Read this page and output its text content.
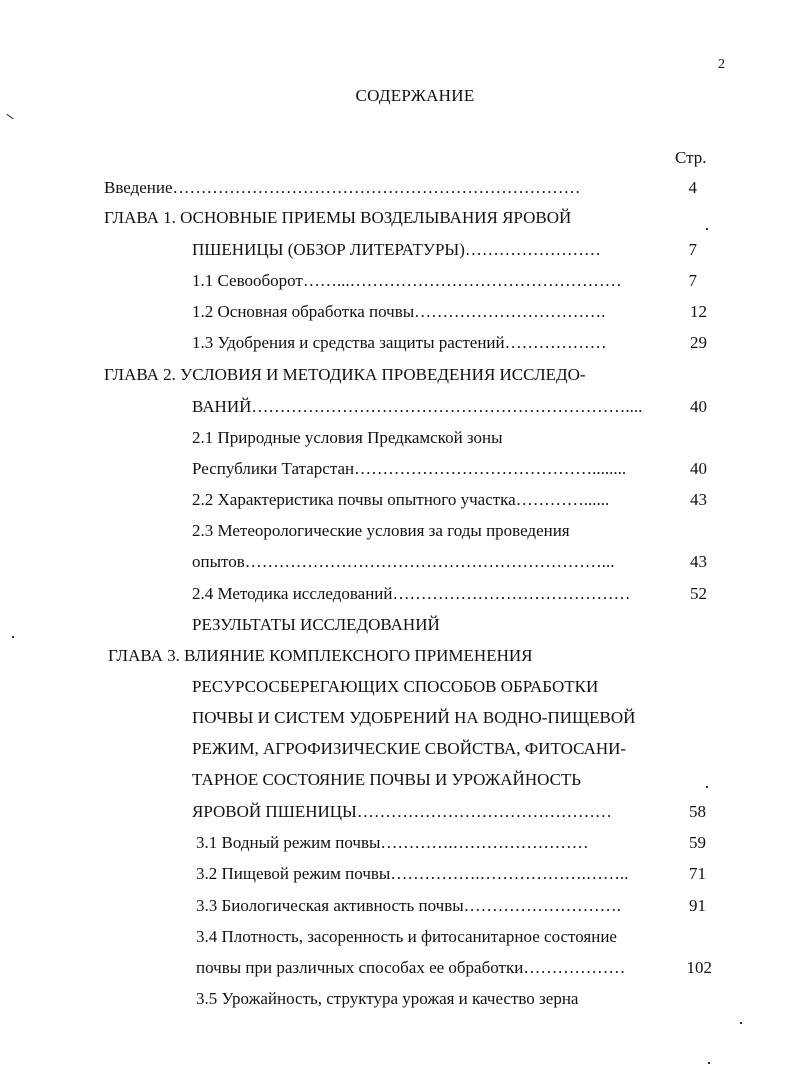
2
СОДЕРЖАНИЕ
Стр.
Введение………………………………………………………………	4
ГЛАВА 1. ОСНОВНЫЕ ПРИЕМЫ ВОЗДЕЛЫВАНИЯ ЯРОВОЙ
ПШЕНИЦЫ (ОБЗОР ЛИТЕРАТУРЫ)……………………	7
1.1 Севооборот……...…………………………………………	7
1.2 Основная обработка почвы…………………………….	12
1.3 Удобрения и средства защиты растений………………	29
ГЛАВА 2. УСЛОВИЯ И МЕТОДИКА ПРОВЕДЕНИЯ ИССЛЕДО-
ВАНИЙ…………………………………………………………....	40
2.1 Природные условия Предкамской зоны
Республики Татарстан……………………………………........	40
2.2 Характеристика почвы опытного участка…………......	43
2.3 Метеорологические условия за годы проведения
опытов………………………………………………………...	43
2.4 Методика исследований……………………………………	52
РЕЗУЛЬТАТЫ ИССЛЕДОВАНИЙ
ГЛАВА 3. ВЛИЯНИЕ КОМПЛЕКСНОГО ПРИМЕНЕНИЯ
РЕСУРСОСБЕРЕГАЮЩИХ СПОСОБОВ ОБРАБОТКИ
ПОЧВЫ И СИСТЕМ УДОБРЕНИЙ НА ВОДНО-ПИЩЕВОЙ
РЕЖИМ, АГРОФИЗИЧЕСКИЕ СВОЙСТВА, ФИТОСАНИ-
ТАРНОЕ СОСТОЯНИЕ ПОЧВЫ И УРОЖАЙНОСТЬ
ЯРОВОЙ ПШЕНИЦЫ………………………………………	58
3.1 Водный режим почвы………….……………………	59
3.2 Пищевой режим почвы…………….……………….……..	71
3.3 Биологическая активность почвы……………………….	91
3.4 Плотность, засоренность и фитосанитарное состояние
почвы при различных способах ее обработки………………	102
3.5 Урожайность, структура урожая и качество зерна
